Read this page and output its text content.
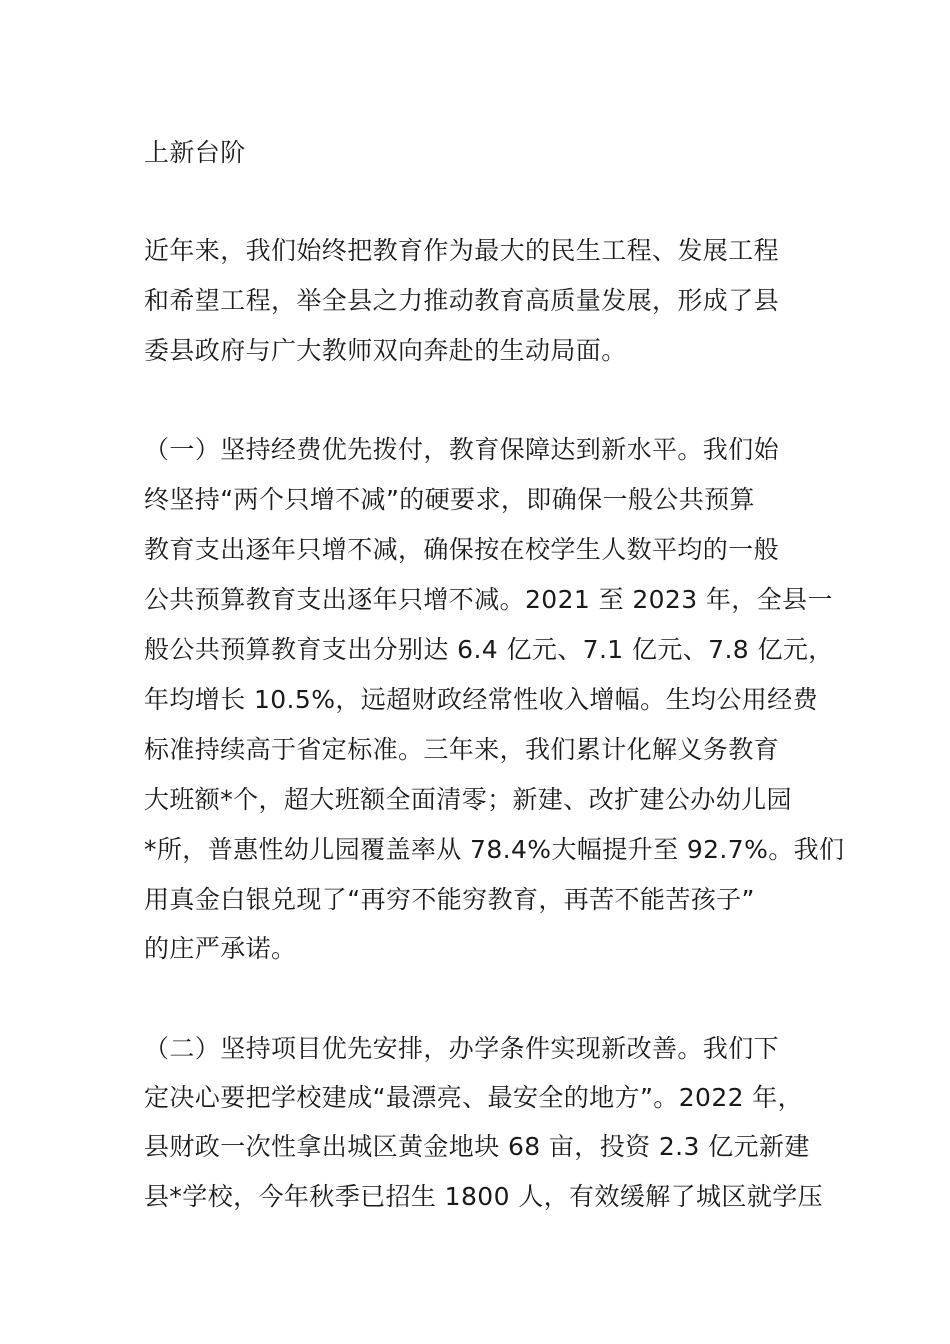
上新台阶
近年来，我们始终把教育作为最大的民生工程、发展工程
和希望工程，举全县之力推动教育高质量发展，形成了县
委县政府与广大教师双向奔赴的生动局面。
（一）坚持经费优先拨付，教育保障达到新水平。我们始
终坚持“两个只增不减”的硬要求，即确保一般公共预算
教育支出逐年只增不减，确保按在校学生人数平均的一般
公共预算教育支出逐年只增不减。2021 至 2023 年，全县一
般公共预算教育支出分别达 6.4 亿元、7.1 亿元、7.8 亿元，
年均增长 10.5%，远超财政经常性收入增幅。生均公用经费
标准持续高于省定标准。三年来，我们累计化解义务教育
大班额*个，超大班额全面清零；新建、改扩建公办幼儿园
*所，普惠性幼儿园覆盖率从 78.4%大幅提升至 92.7%。我们
用真金白银兑现了“再穷不能穷教育，再苦不能苦孩子”
的庄严承诺。
（二）坚持项目优先安排，办学条件实现新改善。我们下
定决心要把学校建成“最漂亮、最安全的地方”。2022 年，
县财政一次性拿出城区黄金地块 68 亩，投资 2.3 亿元新建
县*学校，今年秋季已招生 1800 人，有效缓解了城区就学压
